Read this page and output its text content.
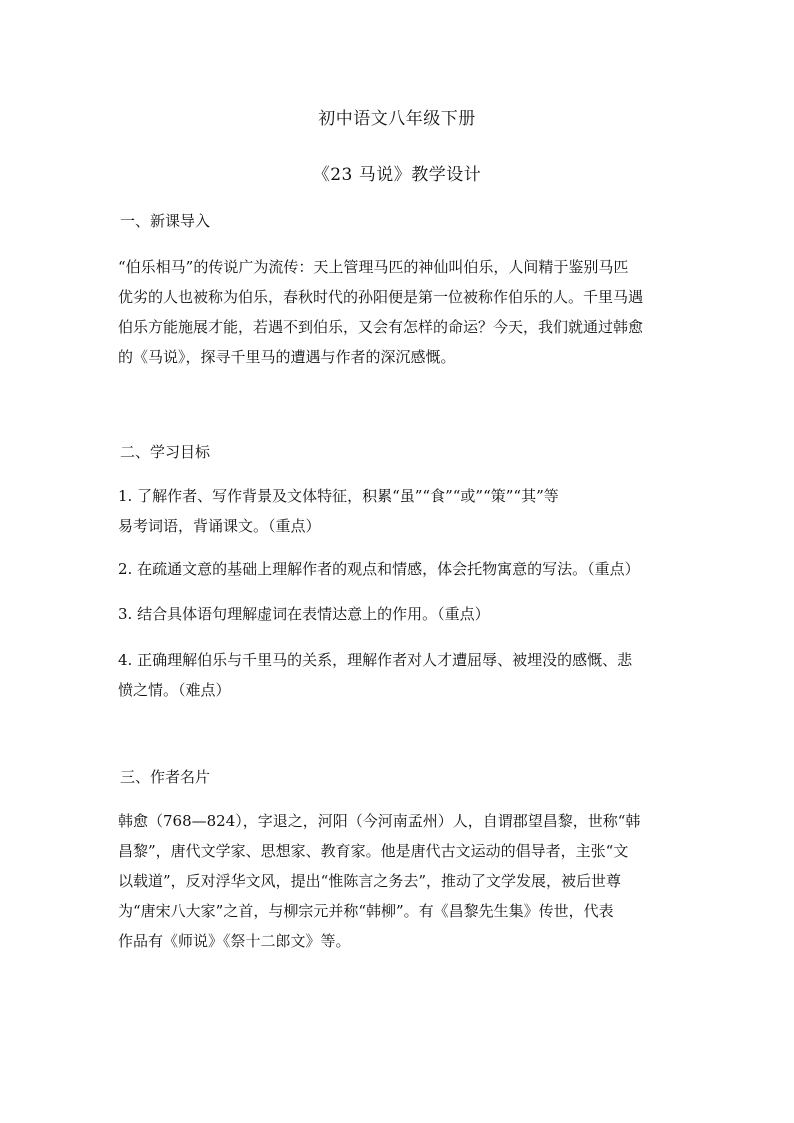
初中语文八年级下册
《23 马说》教学设计
一、新课导入
“伯乐相马”的传说广为流传：天上管理马匹的神仙叫伯乐，人间精于鉴别马匹
优劣的人也被称为伯乐，春秋时代的孙阳便是第一位被称作伯乐的人。千里马遇
伯乐方能施展才能，若遇不到伯乐，又会有怎样的命运？今天，我们就通过韩愈
的《马说》，探寻千里马的遭遇与作者的深沉感慨。
二、学习目标
1. 了解作者、写作背景及文体特征，积累“虽”“食”“或”“策”“其”等
易考词语，背诵课文。（重点）
2. 在疏通文意的基础上理解作者的观点和情感，体会托物寓意的写法。（重点）
3. 结合具体语句理解虚词在表情达意上的作用。（重点）
4. 正确理解伯乐与千里马的关系，理解作者对人才遭屈辱、被埋没的感慨、悲
愤之情。（难点）
三、作者名片
韩愈（768—824），字退之，河阳（今河南孟州）人，自谓郡望昌黎，世称“韩
昌黎”，唐代文学家、思想家、教育家。他是唐代古文运动的倡导者，主张“文
以载道”，反对浮华文风，提出“惟陈言之务去”，推动了文学发展，被后世尊
为“唐宋八大家”之首，与柳宗元并称“韩柳”。有《昌黎先生集》传世，代表
作品有《师说》《祭十二郎文》等。
